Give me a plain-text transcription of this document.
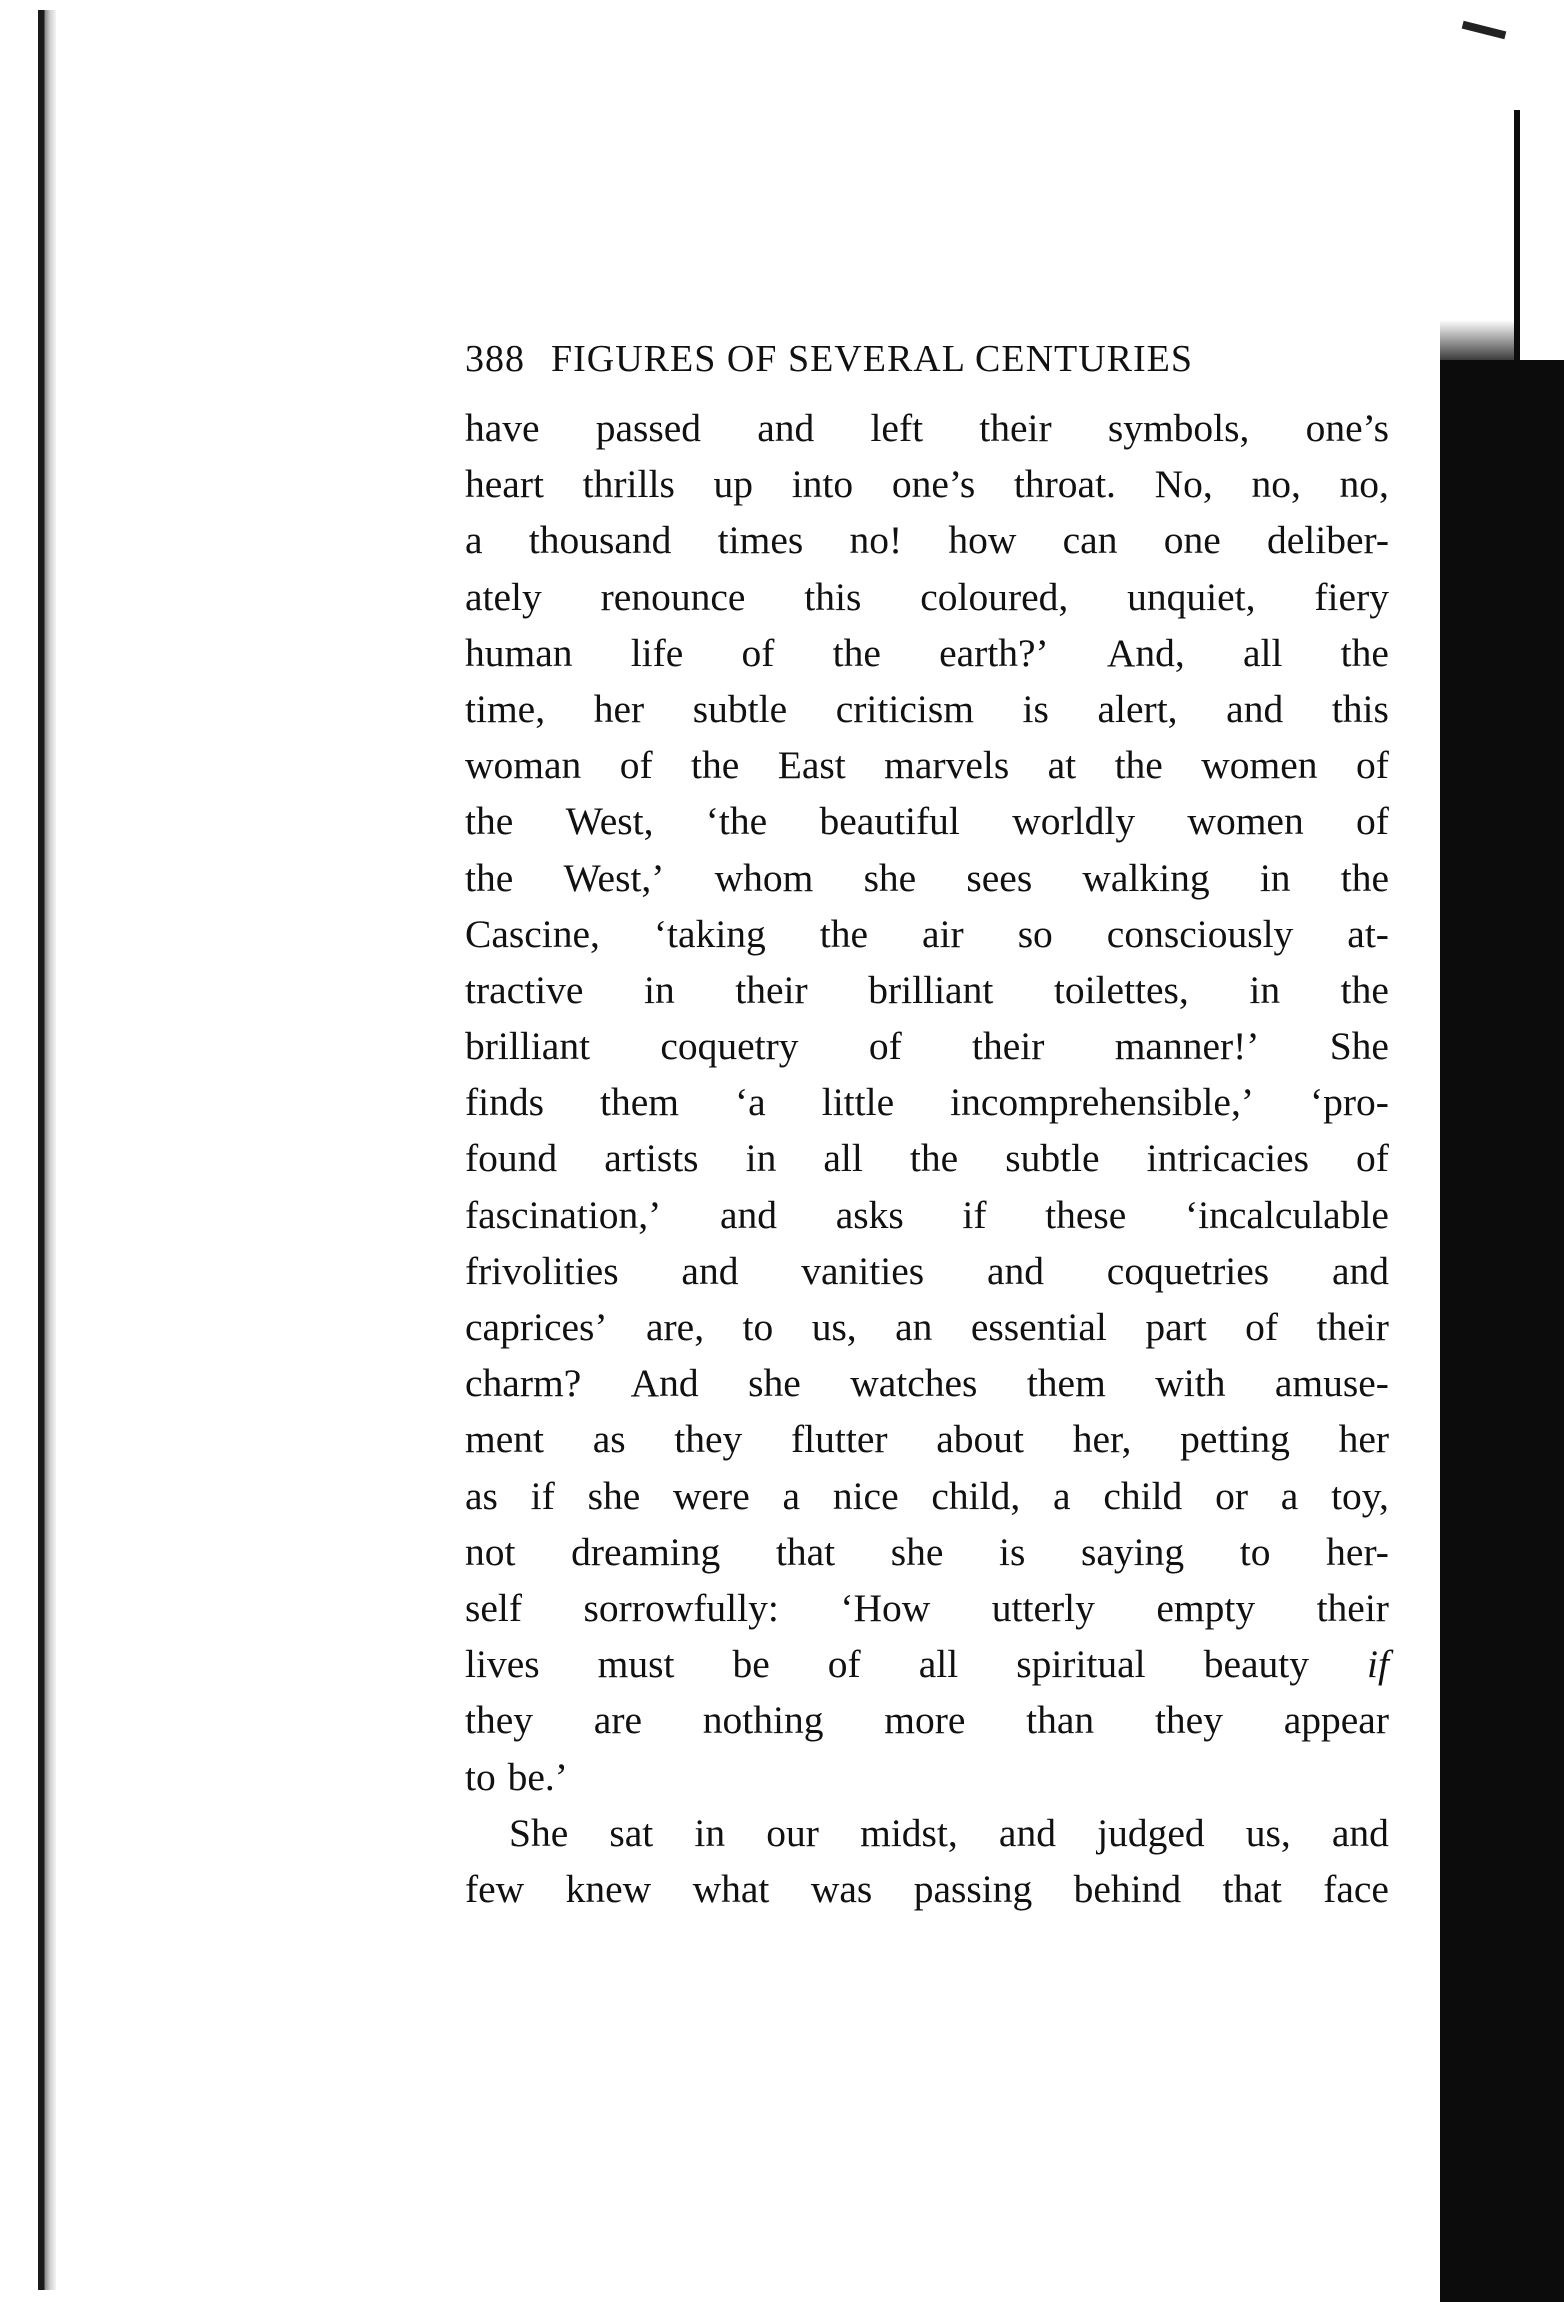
388 FIGURES OF SEVERAL CENTURIES
have passed and left their symbols, one’s
heart thrills up into one’s throat. No, no, no,
a thousand times no! how can one deliber-
ately renounce this coloured, unquiet, fiery
human life of the earth?’ And, all the
time, her subtle criticism is alert, and this
woman of the East marvels at the women of
the West, ‘the beautiful worldly women of
the West,’ whom she sees walking in the
Cascine, ‘taking the air so consciously at-
tractive in their brilliant toilettes, in the
brilliant coquetry of their manner!’ She
finds them ‘a little incomprehensible,’ ‘pro-
found artists in all the subtle intricacies of
fascination,’ and asks if these ‘incalculable
frivolities and vanities and coquetries and
caprices’ are, to us, an essential part of their
charm? And she watches them with amuse-
ment as they flutter about her, petting her
as if she were a nice child, a child or a toy,
not dreaming that she is saying to her-
self sorrowfully: ‘How utterly empty their
lives must be of all spiritual beauty if
they are nothing more than they appear
to be.’
She sat in our midst, and judged us, and
few knew what was passing behind that face
